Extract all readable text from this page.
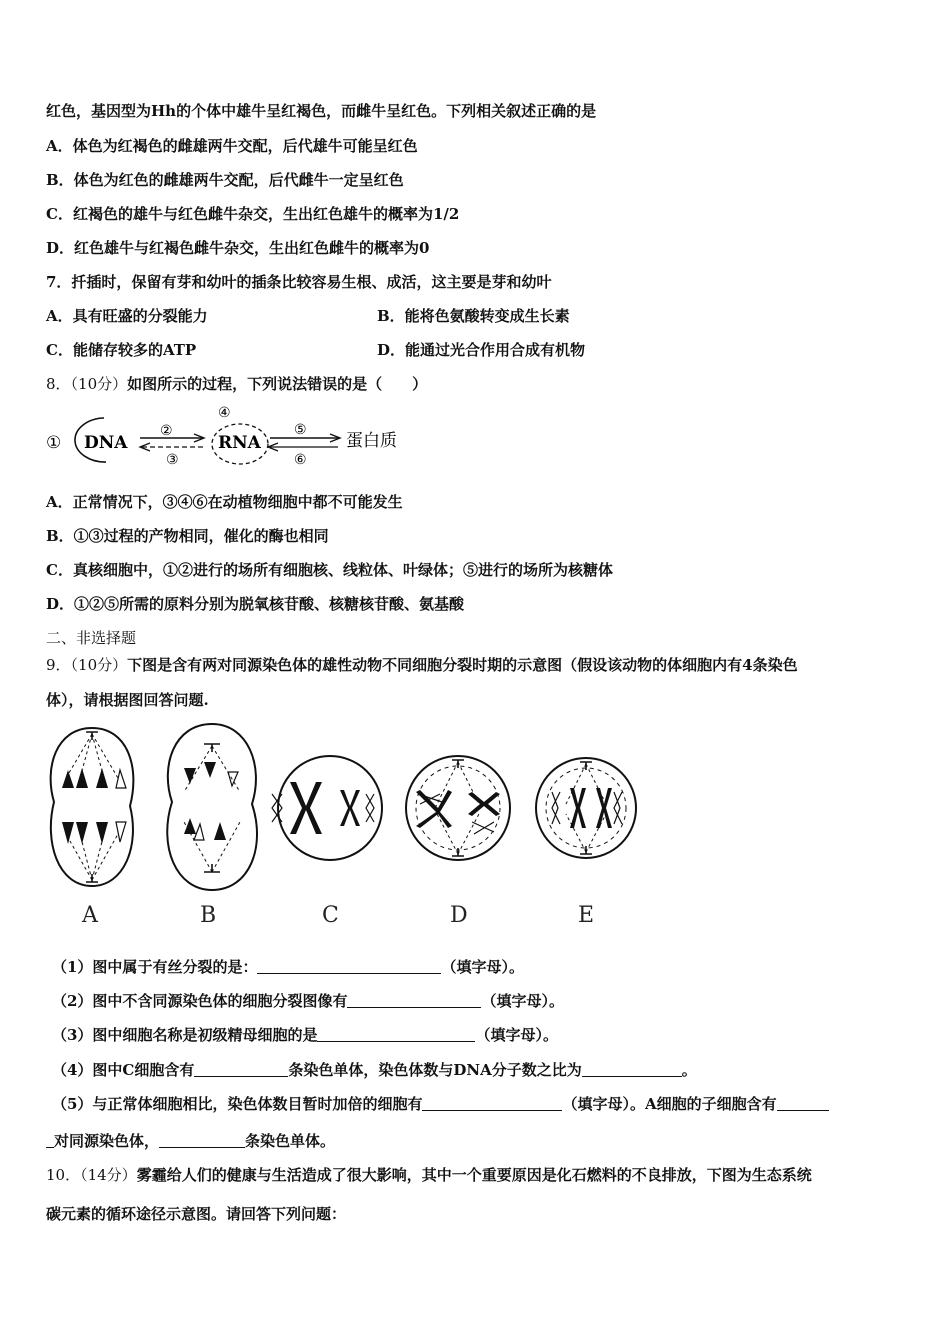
红色，基因型为Hh的个体中雄牛呈红褐色，而雌牛呈红色。下列相关叙述正确的是
A．体色为红褐色的雌雄两牛交配，后代雄牛可能呈红色
B．体色为红色的雌雄两牛交配，后代雌牛一定呈红色
C．红褐色的雄牛与红色雌牛杂交，生出红色雄牛的概率为1/2
D．红色雄牛与红褐色雌牛杂交，生出红色雌牛的概率为0
7．扦插时，保留有芽和幼叶的插条比较容易生根、成活，这主要是芽和幼叶
A．具有旺盛的分裂能力	B．能将色氨酸转变成生长素
C．能储存较多的ATP	D．能通过光合作用合成有机物
8．（10分）如图所示的过程，下列说法错误的是（　　）
① DNA
②
③
④
RNA
⑤
⑥
蛋白质
A．正常情况下，③④⑥在动植物细胞中都不可能发生
B．①③过程的产物相同，催化的酶也相同
C．真核细胞中，①②进行的场所有细胞核、线粒体、叶绿体；⑤进行的场所为核糖体
D．①②⑤所需的原料分别为脱氧核苷酸、核糖核苷酸、氨基酸
二、非选择题
9．（10分）下图是含有两对同源染色体的雄性动物不同细胞分裂时期的示意图（假设该动物的体细胞内有4条染色
体），请根据图回答问题.
A	B	C	D	E
（1）图中属于有丝分裂的是：	（填字母）。
（2）图中不含同源染色体的细胞分裂图像有	（填字母）。
（3）图中细胞名称是初级精母细胞的是	（填字母）。
（4）图中C细胞含有	条染色单体，染色体数与DNA分子数之比为	。
（5）与正常体细胞相比，染色体数目暂时加倍的细胞有	（填字母）。A细胞的子细胞含有
对同源染色体，	条染色单体。
10．（14分）雾霾给人们的健康与生活造成了很大影响，其中一个重要原因是化石燃料的不良排放，下图为生态系统
碳元素的循环途径示意图。请回答下列问题：
